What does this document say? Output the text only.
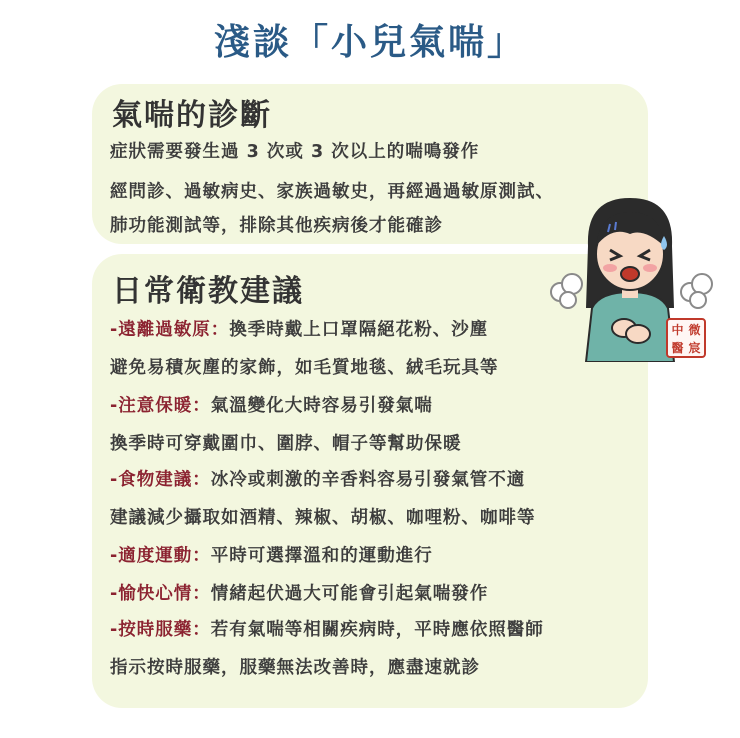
淺談「小兒氣喘」
氣喘的診斷
症狀需要發生過 3 次或 3 次以上的喘鳴發作
經問診、過敏病史、家族過敏史，再經過過敏原測試、
肺功能測試等，排除其他疾病後才能確診
日常衛教建議
-遠離過敏原：換季時戴上口罩隔絕花粉、沙塵
避免易積灰塵的家飾，如毛質地毯、絨毛玩具等
-注意保暖：氣溫變化大時容易引發氣喘
換季時可穿戴圍巾、圍脖、帽子等幫助保暖
-食物建議：冰冷或刺激的辛香料容易引發氣管不適
建議減少攝取如酒精、辣椒、胡椒、咖哩粉、咖啡等
-適度運動：平時可選擇溫和的運動進行
-愉快心情：情緒起伏過大可能會引起氣喘發作
-按時服藥：若有氣喘等相關疾病時，平時應依照醫師
指示按時服藥，服藥無法改善時，應盡速就診
中 微
醫 宸
